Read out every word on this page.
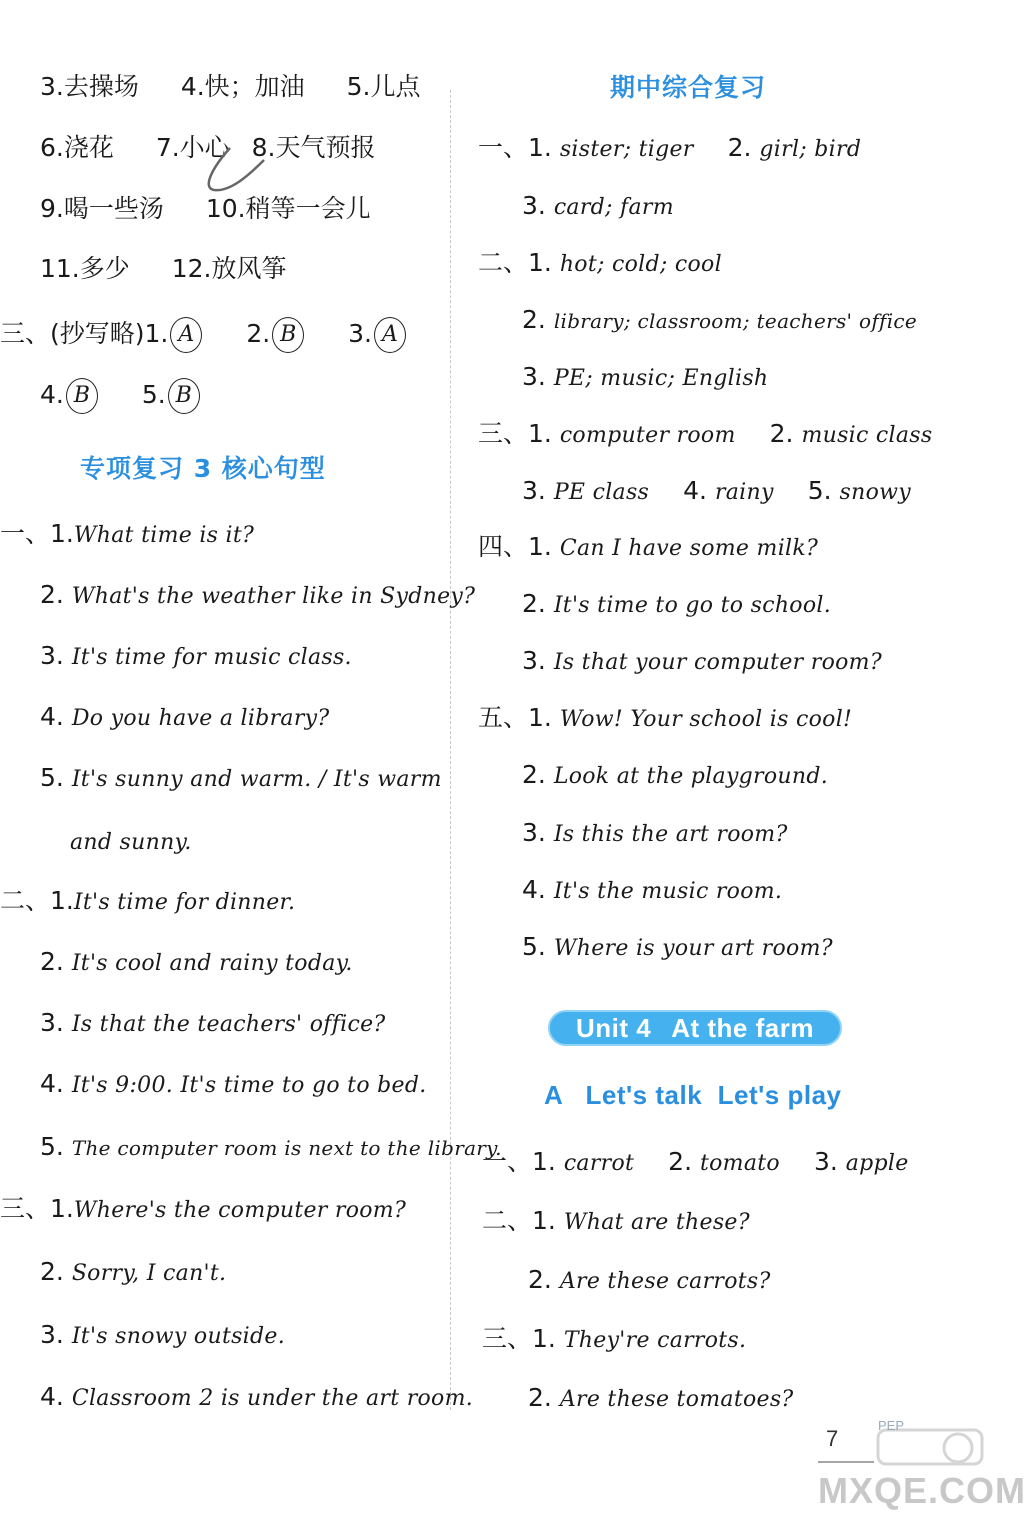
3.去操场 4.快；加油 5.儿点
6.浇花 7.小心 8.天气预报
9.喝一些汤 10.稍等一会儿
11.多少 12.放风筝
三、(抄写略)1. A 2. B 3. A
4. B 5. B
专项复习 3 核心句型
一、1.What time is it?
2. What's the weather like in Sydney?
3. It's time for music class.
4. Do you have a library?
5. It's sunny and warm. / It's warm
and sunny.
二、1.It's time for dinner.
2. It's cool and rainy today.
3. Is that the teachers' office?
4. It's 9:00. It's time to go to bed.
5. The computer room is next to the library.
三、1.Where's the computer room?
2. Sorry, I can't.
3. It's snowy outside.
4. Classroom 2 is under the art room.
期中综合复习
一、1. sister; tiger 2. girl; bird
3. card; farm
二、1. hot; cold; cool
2. library; classroom; teachers' office
3. PE; music; English
三、1. computer room 2. music class
3. PE class 4. rainy 5. snowy
四、1. Can I have some milk?
2. It's time to go to school.
3. Is that your computer room?
五、1. Wow! Your school is cool!
2. Look at the playground.
3. Is this the art room?
4. It's the music room.
5. Where is your art room?
Unit 4 At the farm
A   Let's talk  Let's play
一、1. carrot 2. tomato 3. apple
二、1. What are these?
2. Are these carrots?
三、1. They're carrots.
2. Are these tomatoes?
7
PEP
MXQE.COM
